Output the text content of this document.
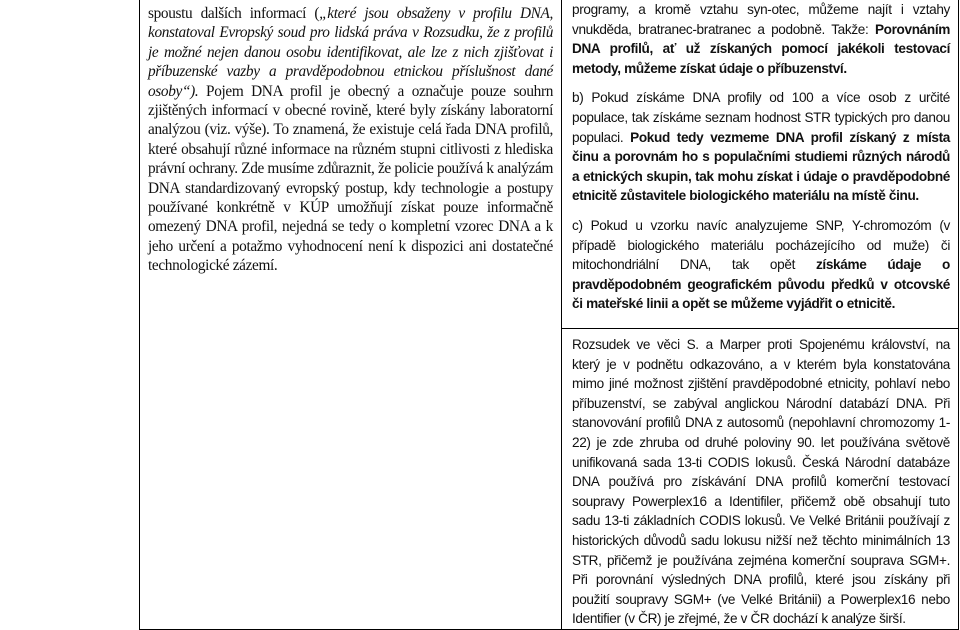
spoustu dalších informací („které jsou obsaženy v profilu DNA, konstatoval Evropský soud pro lidská práva v Rozsudku, že z profilů je možné nejen danou osobu identifikovat, ale lze z nich zjišťovat i příbuzenské vazby a pravděpodobnou etnickou příslušnost dané osoby“). Pojem DNA profil je obecný a označuje pouze souhrn zjištěných informací v obecné rovině, které byly získány laboratorní analýzou (viz. výše). To znamená, že existuje celá řada DNA profilů, které obsahují různé informace na různém stupni citlivosti z hlediska právní ochrany. Zde musíme zdůraznit, že policie používá k analýzám DNA standardizovaný evropský postup, kdy technologie a postupy používané konkrétně v KÚP umožňují získat pouze informačně omezený DNA profil, nejedná se tedy o kompletní vzorec DNA a k jeho určení a potažmo vyhodnocení není k dispozici ani dostatečné technologické zázemí.

programy, a kromě vztahu syn-otec, můžeme najít i vztahy vnukděda, bratranec-bratranec a podobně. Takže: Porovnáním DNA profilů, ať už získaných pomocí jakékoli testovací metody, můžeme získat údaje o příbuzenství.

b) Pokud získáme DNA profily od 100 a více osob z určité populace, tak získáme seznam hodnost STR typických pro danou populaci. Pokud tedy vezmeme DNA profil získaný z místa činu a porovnám ho s populačními studiemi různých národů a etnických skupin, tak mohu získat i údaje o pravděpodobné etnicitě zůstavitele biologického materiálu na místě činu.

c) Pokud u vzorku navíc analyzujeme SNP, Y-chromozóm (v případě biologického materiálu pocházejícího od muže) či mitochondriální DNA, tak opět získáme údaje o pravděpodobném geografickém původu předků v otcovské či mateřské linii a opět se můžeme vyjádřit o etnicitě.

Rozsudek ve věci S. a Marper proti Spojenému království, na který je v podnětu odkazováno, a v kterém byla konstatována mimo jiné možnost zjištění pravděpodobné etnicity, pohlaví nebo příbuzenství, se zabýval anglickou Národní databází DNA. Při stanovování profilů DNA z autosomů (nepohlavní chromozomy 1-22) je zde zhruba od druhé poloviny 90. let používána světově unifikovaná sada 13-ti CODIS lokusů. Česká Národní databáze DNA používá pro získávání DNA profilů komerční testovací soupravy Powerplex16 a Identifiler, přičemž obě obsahují tuto sadu 13-ti základních CODIS lokusů. Ve Velké Británii používají z historických důvodů sadu lokusu nižší než těchto minimálních 13 STR, přičemž je používána zejména komerční souprava SGM+. Při porovnání výsledných DNA profilů, které jsou získány při použití soupravy SGM+ (ve Velké Británii) a Powerplex16 nebo Identifier (v ČR) je zřejmé, že v ČR dochází k analýze širší.
